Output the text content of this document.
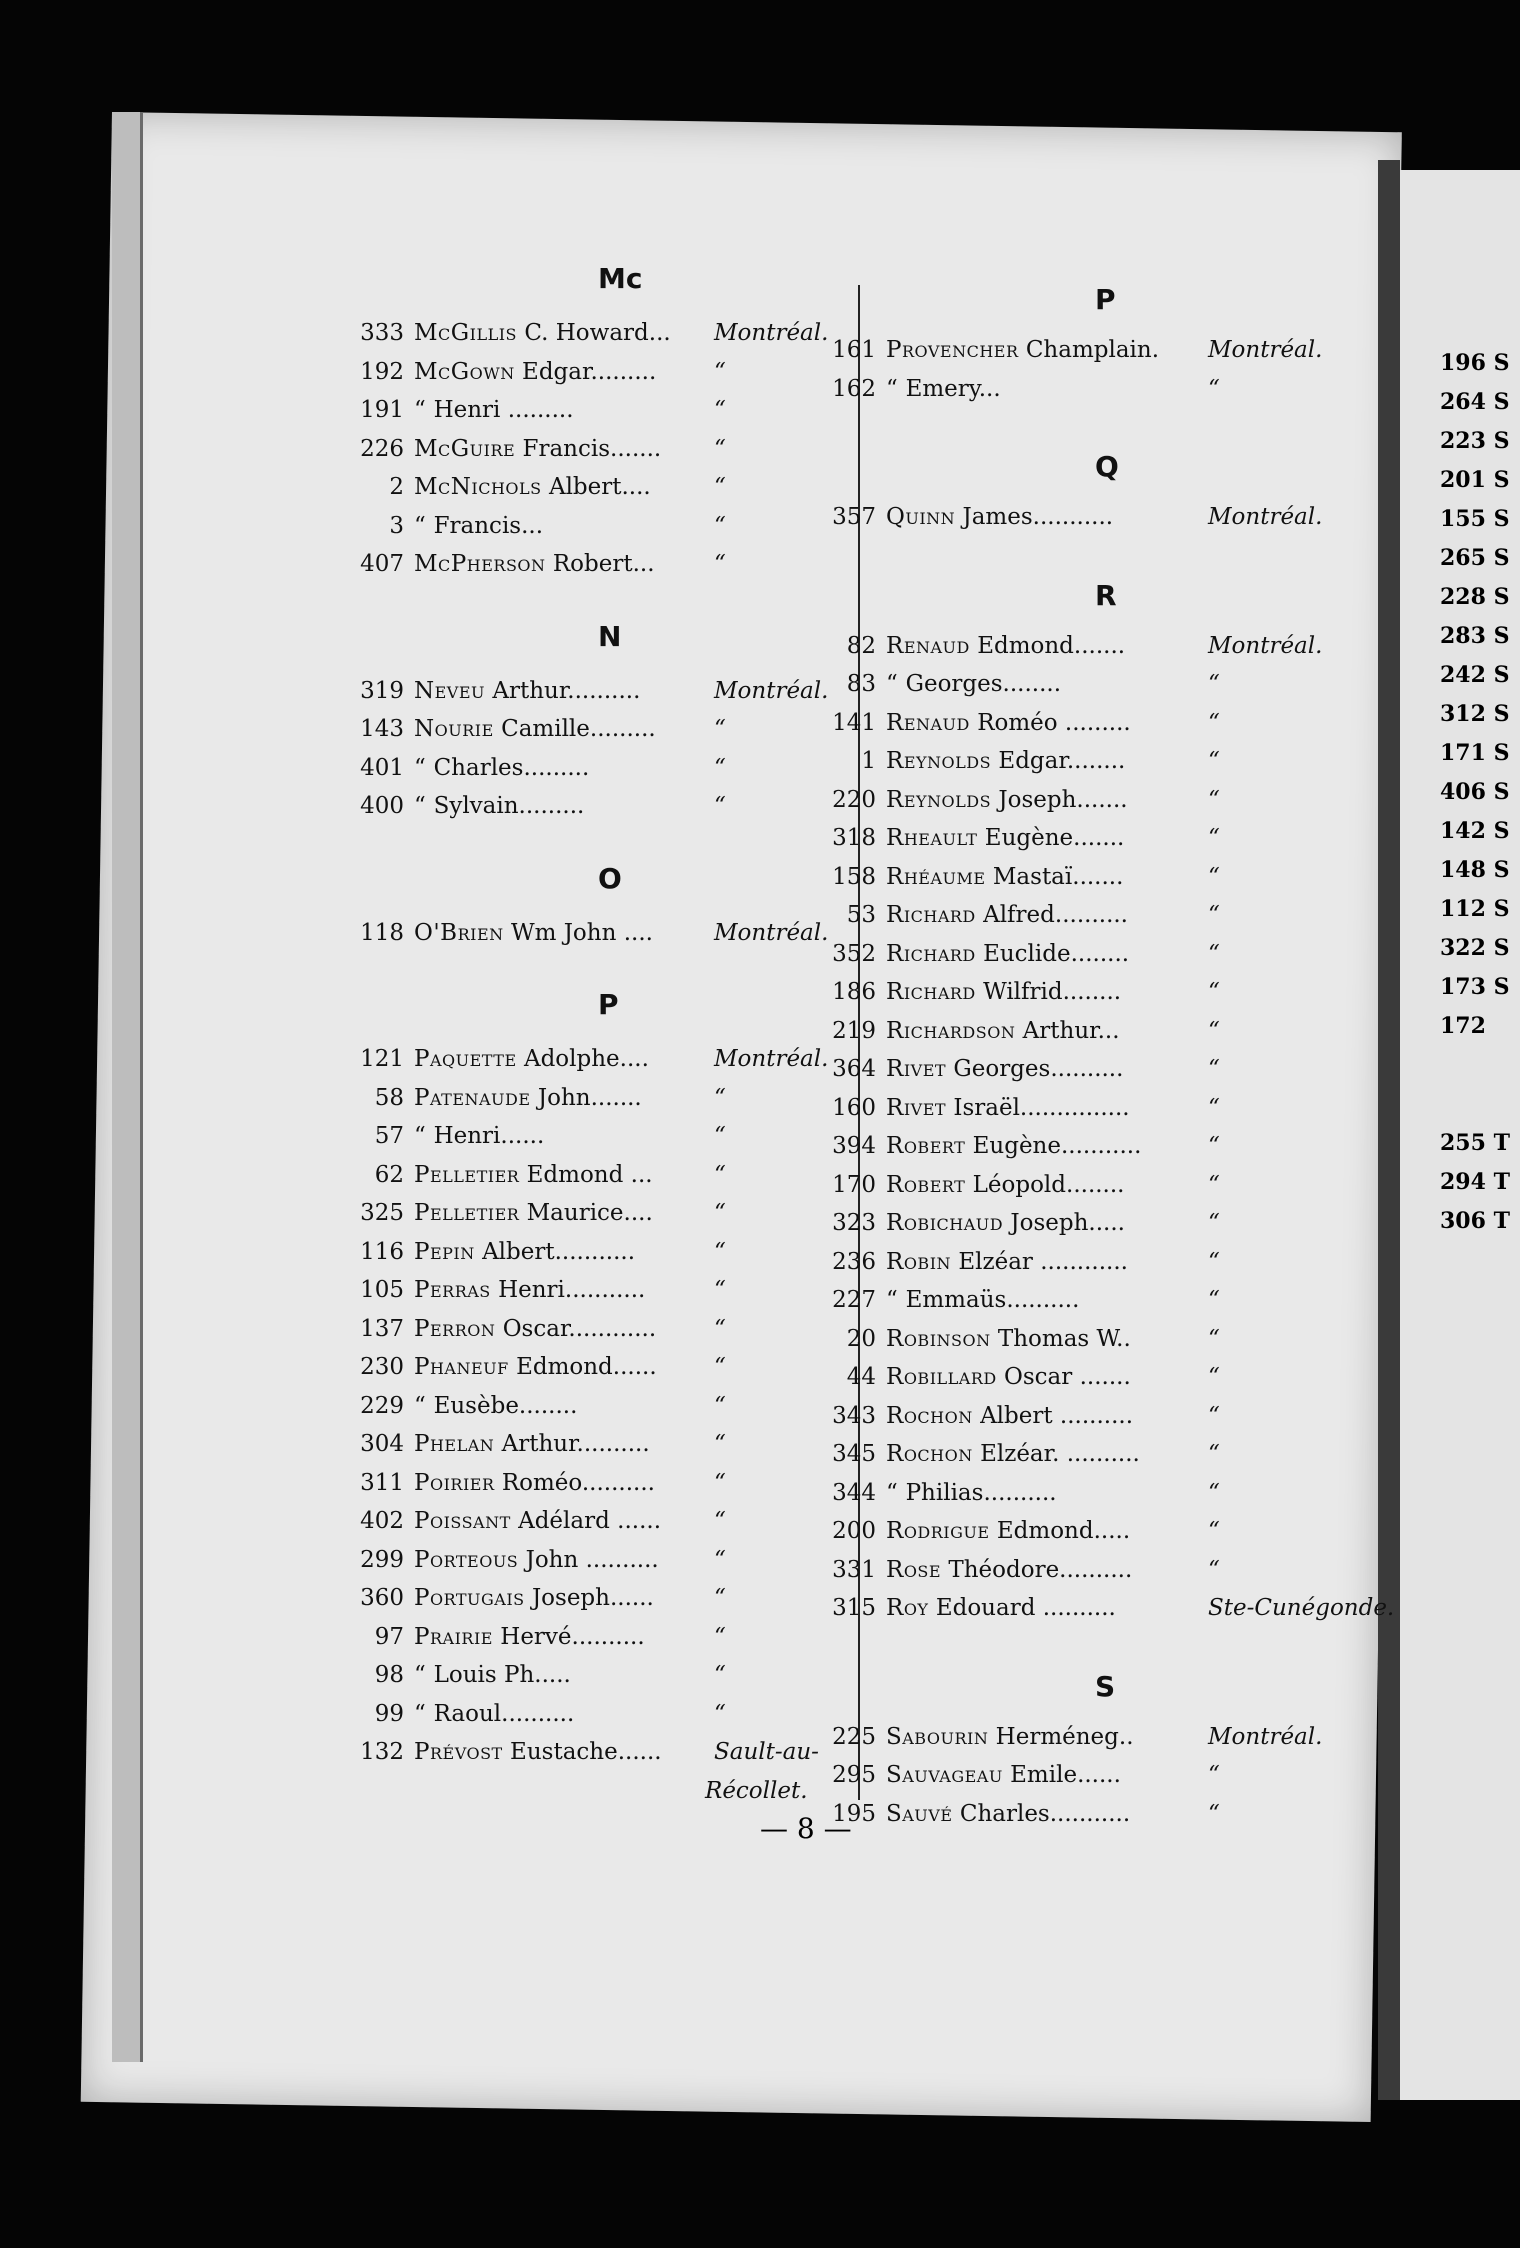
Mc
333 McGillis C. Howard... Montréal.
192 McGown Edgar.........	“
191 “ Henri .........	“
226 McGuire Francis....... “
2 McNichols Albert....	“
3 “ Francis...	“
407 McPherson Robert...	“
N
319 Neveu Arthur..........	Montréal.
143 Nourie Camille.........	“
401 “ Charles.........	“
400 “ Sylvain.........	“
O
118 O'Brien Wm John ....	Montréal.
P
121 Paquette Adolphe....	Montréal.
58 Patenaude John.......	“
57 “ Henri......	“
62 Pelletier Edmond ...	“
325 Pelletier Maurice....	“
116 Pepin Albert...........	“
105 Perras Henri...........	“
137 Perron Oscar............	“
230 Phaneuf Edmond...... “
229 “ Eusèbe........	“
304 Phelan Arthur..........	“
311 Poirier Roméo..........	“
402 Poissant Adélard ...... “
299 Porteous John .......... “
360 Portugais Joseph......	“
97 Prairie Hervé..........	“
98 “ Louis Ph.....	“
99 “ Raoul..........	“
132 Prévost Eustache...... Sault-au-
Récollet.
P
161 Provencher Champlain. Montréal.
162 “ Emery...	“
Q
357 Quinn James...........	Montréal.
R
82 Renaud Edmond.......	Montréal.
83 “ Georges........	“
141 Renaud Roméo .........	“
1 Reynolds Edgar........	“
220 Reynolds Joseph.......	“
318 Rheault Eugène.......	“
158 Rhéaume Mastaï.......	“
53 Richard Alfred..........	“
352 Richard Euclide........	“
186 Richard Wilfrid........	“
219 Richardson Arthur...	“
364 Rivet Georges..........	“
160 Rivet Israël...............	“
394 Robert Eugène...........	“
170 Robert Léopold........	“
323 Robichaud Joseph.....	“
236 Robin Elzéar ............	“
227 “ Emmaüs..........	“
20 Robinson Thomas W..	“
44 Robillard Oscar .......	“
343 Rochon Albert ..........	“
345 Rochon Elzéar. ..........	“
344 “ Philias..........	“
200 Rodrigue Edmond.....	“
331 Rose Théodore..........	“
315 Roy Edouard ..........	Ste-Cunégonde.
S
225 Sabourin Herméneg..	Montréal.
295 Sauvageau Emile......	“
195 Sauvé Charles...........	“
196 S
264 S
223 S
201 S
155 S
265 S
228 S
283 S
242 S
312 S
171 S
406 S
142 S
148 S
112 S
322 S
173 S
172
255 T
294 T
306 T
— 8 —
